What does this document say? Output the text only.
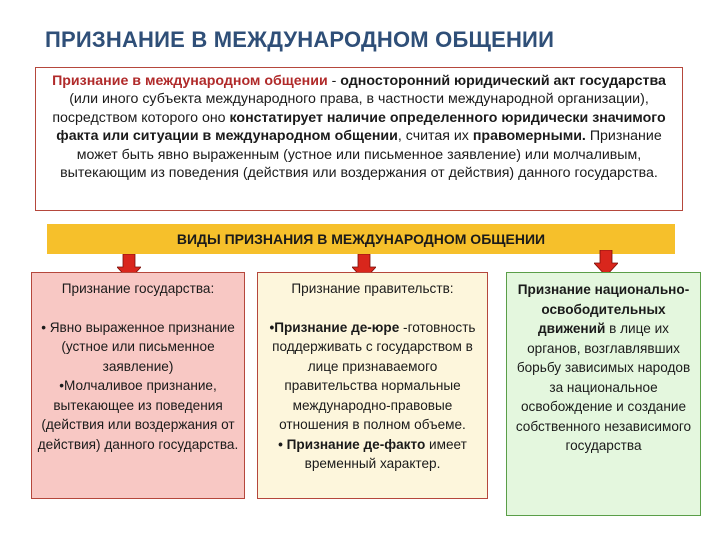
ПРИЗНАНИЕ В МЕЖДУНАРОДНОМ ОБЩЕНИИ
Признание в международном общении - односторонний юридический акт государства (или иного субъекта международного права, в частности международной организации), посредством которого оно констатирует наличие определенного юридически значимого факта или ситуации в международном общении, считая их правомерными. Признание может быть явно выраженным (устное или письменное заявление) или молчаливым, вытекающим из поведения (действия или воздержания от действия) данного государства.
ВИДЫ ПРИЗНАНИЯ В МЕЖДУНАРОДНОМ ОБЩЕНИИ
Признание государства:
• Явно выраженное признание (устное или письменное заявление)
•Молчаливое признание, вытекающее из поведения (действия или воздержания от действия) данного государства.
Признание правительств:
•Признание де-юре -готовность поддерживать с государством в лице признаваемого правительства нормальные международно-правовые отношения в полном объеме.
• Признание де-факто имеет временный характер.
Признание национально-освободительных движений в лице их органов, возглавлявших борьбу зависимых народов за национальное освобождение и создание собственного независимого государства
